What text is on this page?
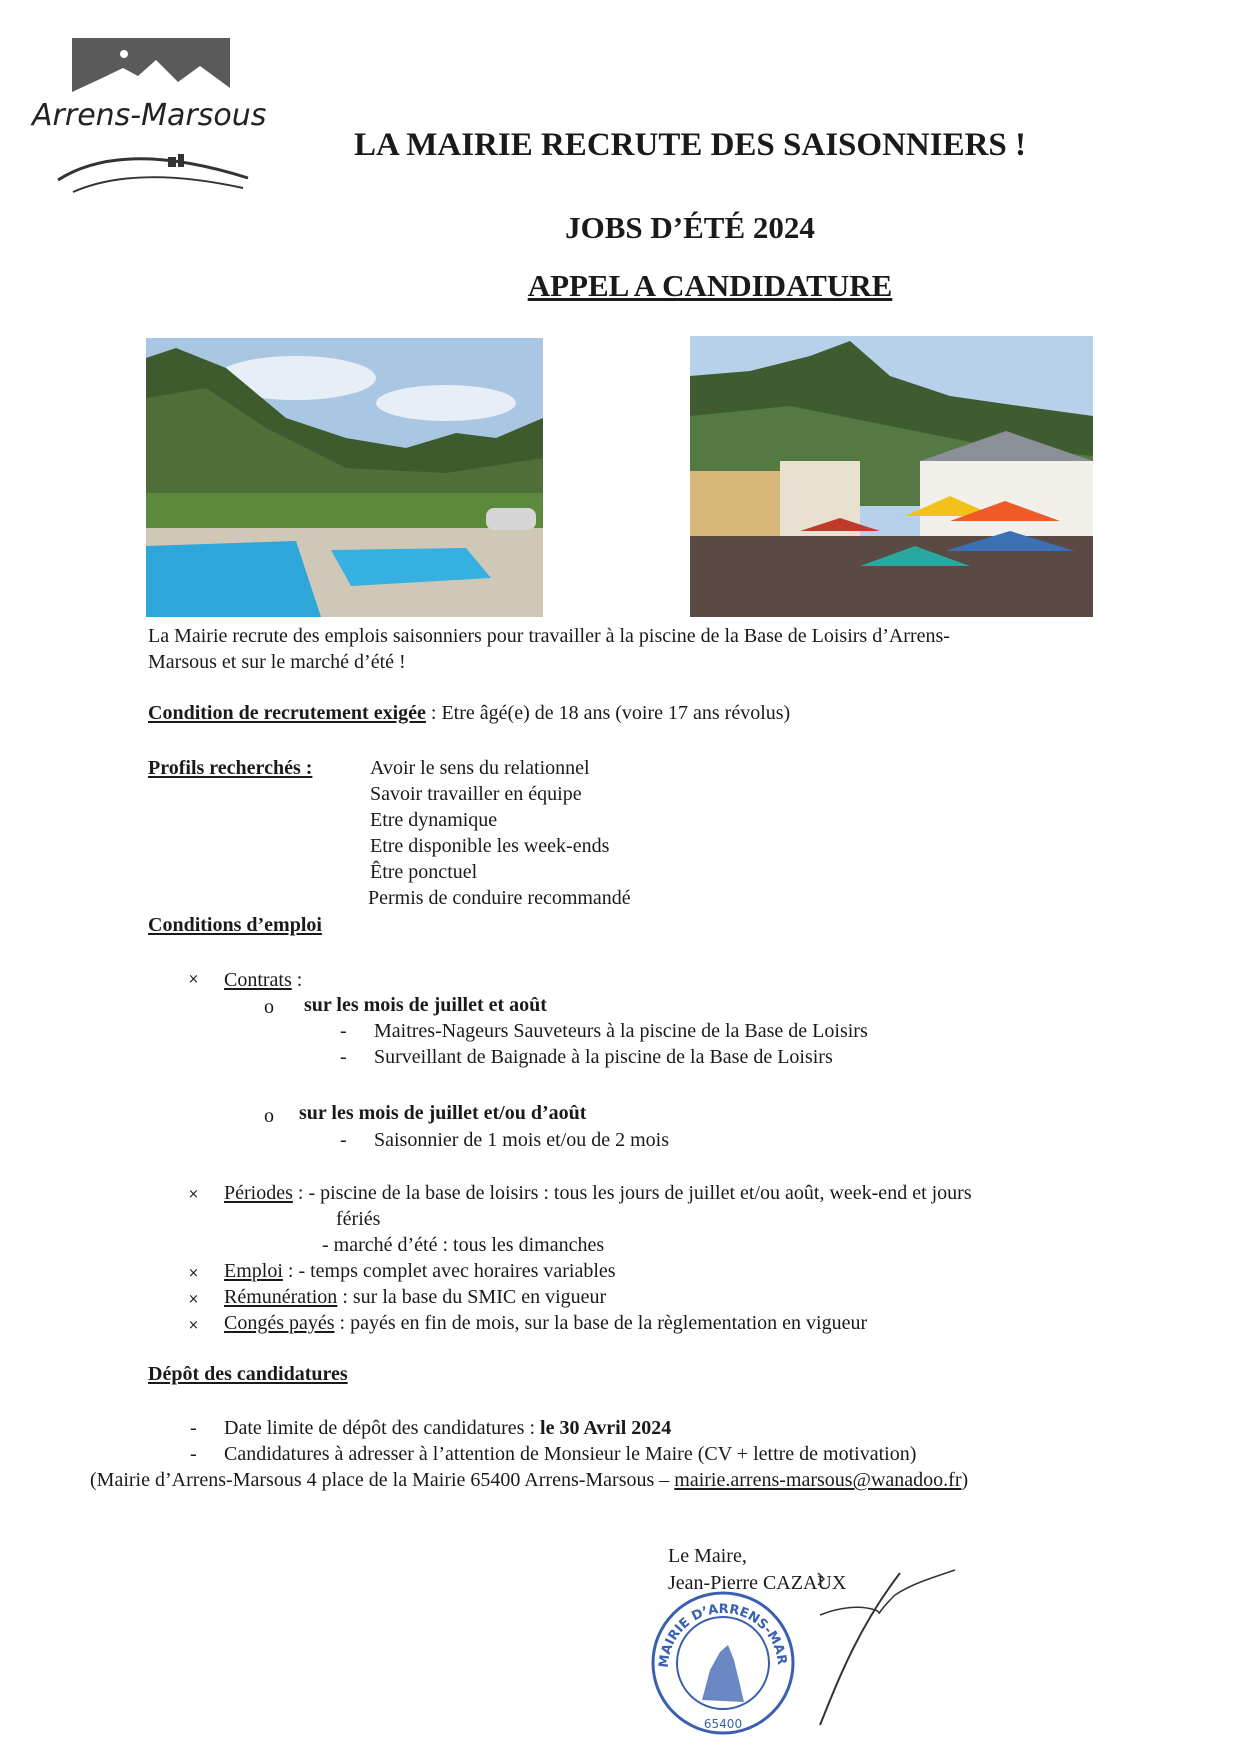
Arrens-Marsous
LA MAIRIE RECRUTE DES SAISONNIERS !
JOBS D’ÉTÉ 2024
APPEL A CANDIDATURE
La Mairie recrute des emplois saisonniers pour travailler à la piscine de la Base de Loisirs d’Arrens-
Marsous et sur le marché d’été !
Condition de recrutement exigée : Etre âgé(e) de 18 ans (voire 17 ans révolus)
Profils recherchés :	Avoir le sens du relationnel
Savoir travailler en équipe
Etre dynamique
Etre disponible les week-ends
Être ponctuel
Permis de conduire recommandé
Conditions d’emploi
× Contrats :
o sur les mois de juillet et août
- Maitres-Nageurs Sauveteurs à la piscine de la Base de Loisirs
- Surveillant de Baignade à la piscine de la Base de Loisirs
o sur les mois de juillet et/ou d’août
- Saisonnier de 1 mois et/ou de 2 mois
× Périodes : - piscine de la base de loisirs : tous les jours de juillet et/ou août, week-end et jours
fériés
- marché d’été : tous les dimanches
× Emploi : - temps complet avec horaires variables
× Rémunération : sur la base du SMIC en vigueur
× Congés payés : payés en fin de mois, sur la base de la règlementation en vigueur
Dépôt des candidatures
- Date limite de dépôt des candidatures : le 30 Avril 2024
- Candidatures à adresser à l’attention de Monsieur le Maire (CV + lettre de motivation)
(Mairie d’Arrens-Marsous 4 place de la Mairie 65400 Arrens-Marsous – mairie.arrens-marsous@wanadoo.fr)
Le Maire,
Jean-Pierre CAZAUX
MAIRIE D’ARRENS-MAR
65400
